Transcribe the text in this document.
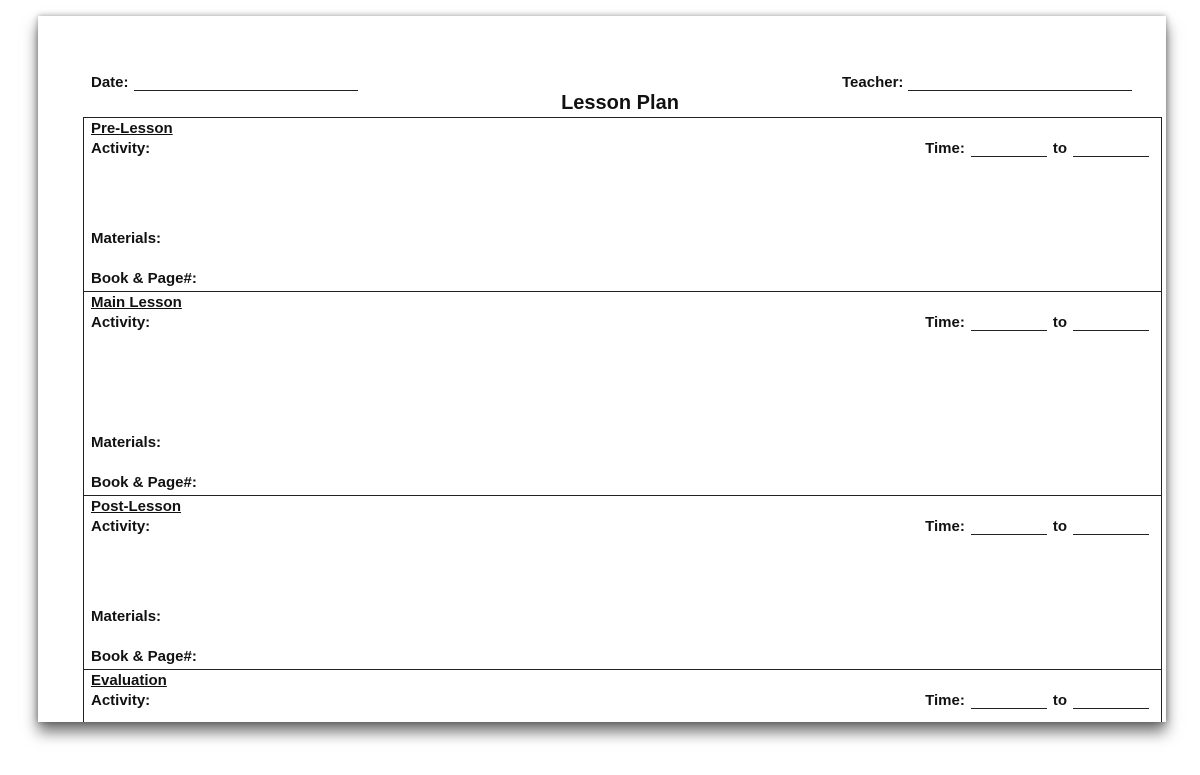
Date:	Teacher:
Lesson Plan
Pre-Lesson
Activity:	Time:	to
Materials:
Book & Page#:
Main Lesson
Activity:	Time:	to
Materials:
Book & Page#:
Post-Lesson
Activity:	Time:	to
Materials:
Book & Page#:
Evaluation
Activity:	Time:	to
